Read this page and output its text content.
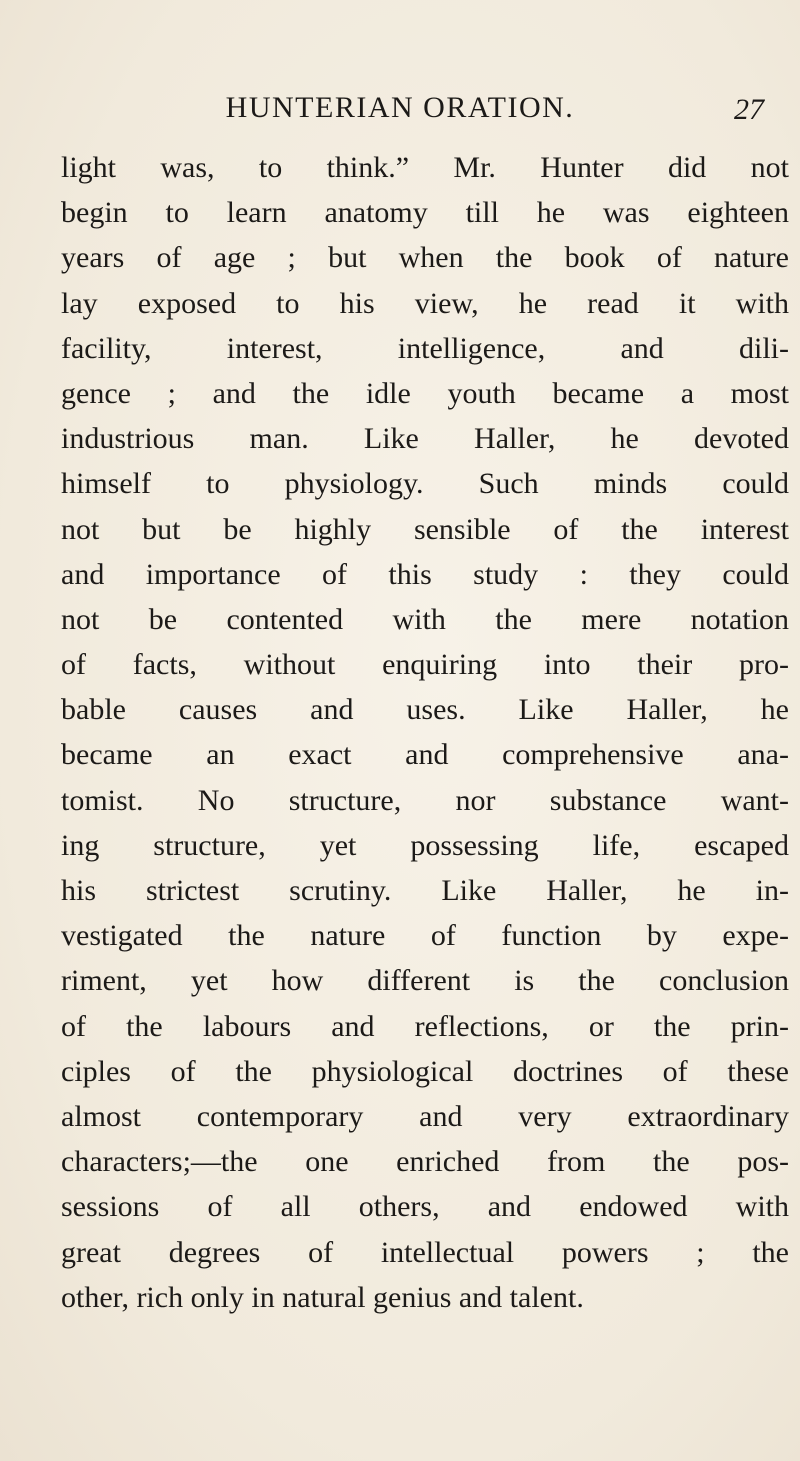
HUNTERIAN ORATION.	27
light was, to think.” Mr. Hunter did not
begin to learn anatomy till he was eighteen
years of age ; but when the book of nature
lay exposed to his view, he read it with
facility, interest, intelligence, and dili-
gence ; and the idle youth became a most
industrious man. Like Haller, he devoted
himself to physiology. Such minds could
not but be highly sensible of the interest
and importance of this study : they could
not be contented with the mere notation
of facts, without enquiring into their pro-
bable causes and uses. Like Haller, he
became an exact and comprehensive ana-
tomist. No structure, nor substance want-
ing structure, yet possessing life, escaped
his strictest scrutiny. Like Haller, he in-
vestigated the nature of function by expe-
riment, yet how different is the conclusion
of the labours and reflections, or the prin-
ciples of the physiological doctrines of these
almost contemporary and very extraordinary
characters;—the one enriched from the pos-
sessions of all others, and endowed with
great degrees of intellectual powers ; the
other, rich only in natural genius and talent.
